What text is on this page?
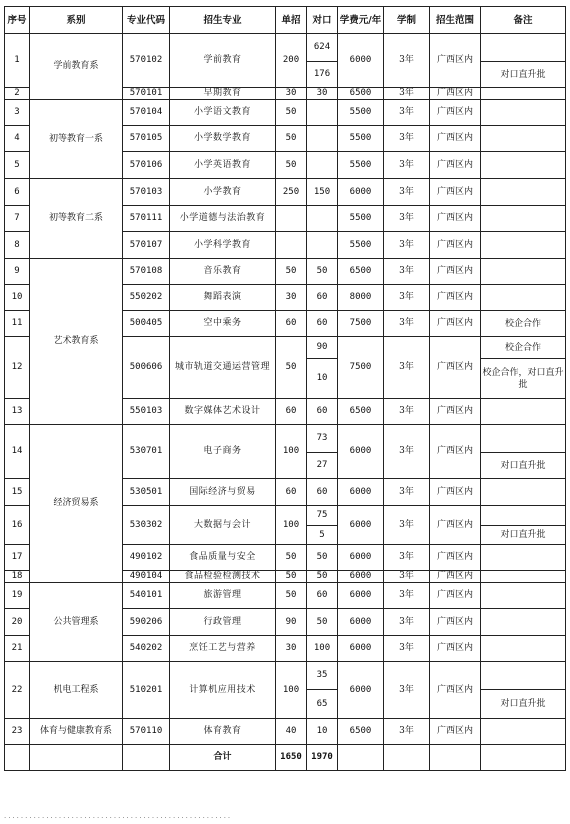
序号	系别	专业代码	招生专业	单招	对口	学费元/年	学制	招生范围	备注
1	学前教育系	570102	学前教育	200	624	6000	3年	广西区内	
					176				对口直升批
2		570101	早期教育	30	30	6500	3年	广西区内	
3	初等教育一系	570104	小学语文教育	50		5500	3年	广西区内	
4		570105	小学数学教育	50		5500	3年	广西区内	
5		570106	小学英语教育	50		5500	3年	广西区内	
6	初等教育二系	570103	小学教育	250	150	6000	3年	广西区内	
7		570111	小学道德与法治教育			5500	3年	广西区内	
8		570107	小学科学教育			5500	3年	广西区内	
9	艺术教育系	570108	音乐教育	50	50	6500	3年	广西区内	
10		550202	舞蹈表演	30	60	8000	3年	广西区内	
11		500405	空中乘务	60	60	7500	3年	广西区内	校企合作
12		500606	城市轨道交通运营管理	50	90	7500	3年	广西区内	校企合作
					10				校企合作，对口直升批
13		550103	数字媒体艺术设计	60	60	6500	3年	广西区内	
14	经济贸易系	530701	电子商务	100	73	6000	3年	广西区内	
					27				对口直升批
15		530501	国际经济与贸易	60	60	6000	3年	广西区内	
16		530302	大数据与会计	100	75	6000	3年	广西区内	
					5				对口直升批
17		490102	食品质量与安全	50	50	6000	3年	广西区内	
18		490104	食品检验检测技术	50	50	6000	3年	广西区内	
19	公共管理系	540101	旅游管理	50	60	6000	3年	广西区内	
20		590206	行政管理	90	50	6000	3年	广西区内	
21		540202	烹饪工艺与营养	30	100	6000	3年	广西区内	
22	机电工程系	510201	计算机应用技术	100	35	6000	3年	广西区内	
					65				对口直升批
23	体育与健康教育系	570110	体育教育	40	10	6500	3年	广西区内	
			合计	1650	1970				
······················································
